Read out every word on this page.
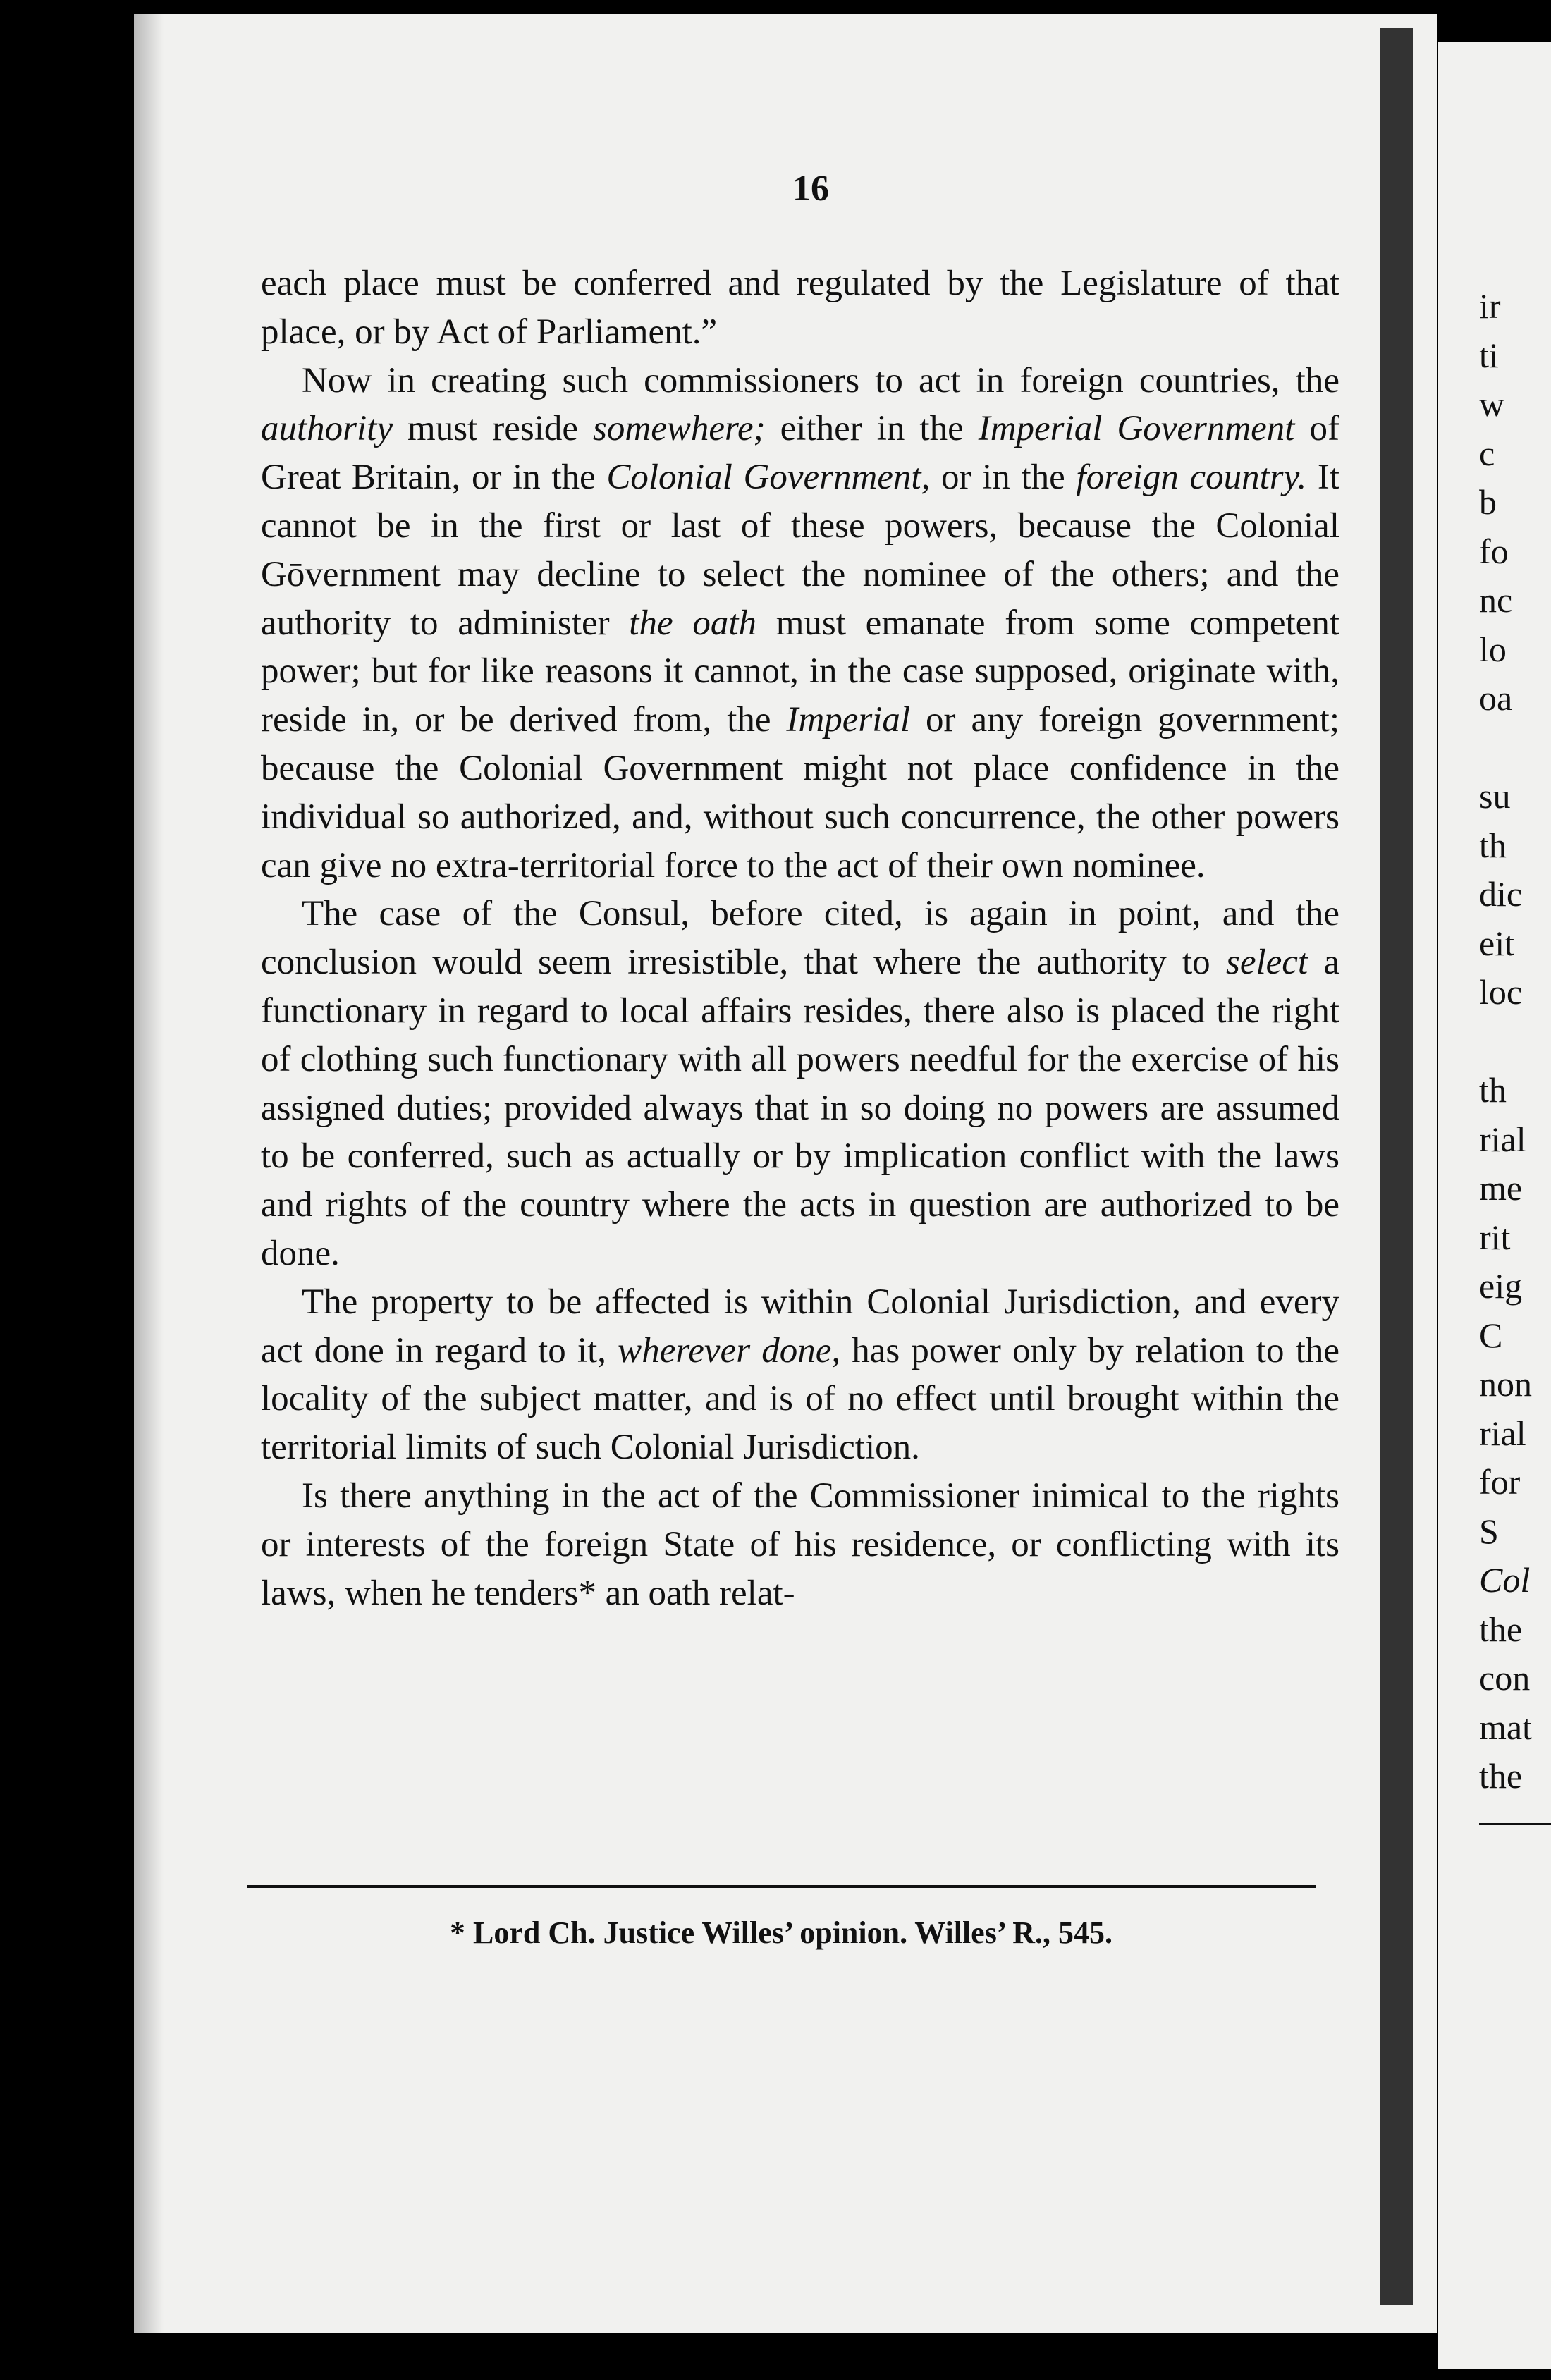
16

each place must be conferred and regulated by the Legislature of that place, or by Act of Parliament.”

Now in creating such commissioners to act in foreign countries, the authority must reside somewhere; either in the Imperial Government of Great Britain, or in the Colonial Government, or in the foreign country. It cannot be in the first or last of these powers, because the Colonial Gōvernment may decline to select the nominee of the others; and the authority to administer the oath must emanate from some competent power; but for like reasons it cannot, in the case supposed, originate with, reside in, or be derived from, the Imperial or any foreign government; because the Colonial Government might not place confidence in the individual so authorized, and, without such concurrence, the other powers can give no extra-territorial force to the act of their own nominee.

The case of the Consul, before cited, is again in point, and the conclusion would seem irresistible, that where the authority to select a functionary in regard to local affairs resides, there also is placed the right of clothing such functionary with all powers needful for the exercise of his assigned duties; provided always that in so doing no powers are assumed to be conferred, such as actually or by implication conflict with the laws and rights of the country where the acts in question are authorized to be done.

The property to be affected is within Colonial Jurisdiction, and every act done in regard to it, wherever done, has power only by relation to the locality of the subject matter, and is of no effect until brought within the territorial limits of such Colonial Jurisdiction.

Is there anything in the act of the Commissioner inimical to the rights or interests of the foreign State of his residence, or conflicting with its laws, when he tenders* an oath relat-

* Lord Ch. Justice Willes’ opinion. Willes’ R., 545.

ir
ti
w
c
b
fo
nc
lo
oa
su
th
dic
eit
loc
th
rial
me
rit
eig
C
non
rial
for
S
Col
the
con
mat
the
